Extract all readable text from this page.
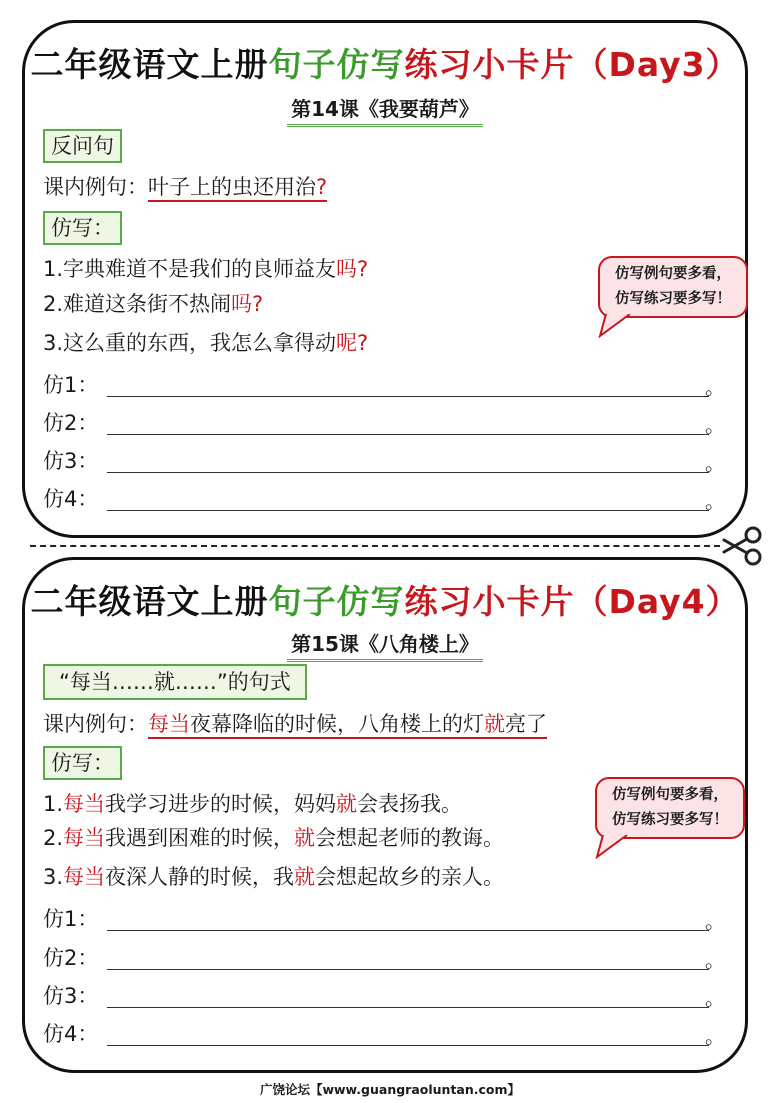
二年级语文上册句子仿写练习小卡片（Day3）
第14课《我要葫芦》
反问句
课内例句：叶子上的虫还用治?
仿写：
1.字典难道不是我们的良师益友吗?
2.难道这条街不热闹吗?
3.这么重的东西，我怎么拿得动呢?
仿写例句要多看，
仿写练习要多写！
仿1：	。
仿2：	。
仿3：	。
仿4：	。
二年级语文上册句子仿写练习小卡片（Day4）
第15课《八角楼上》
“每当……就……”的句式
课内例句：每当夜幕降临的时候，八角楼上的灯就亮了
仿写：
1.每当我学习进步的时候，妈妈就会表扬我。
2.每当我遇到困难的时候，就会想起老师的教诲。
3.每当夜深人静的时候，我就会想起故乡的亲人。
仿写例句要多看，
仿写练习要多写！
仿1：	。
仿2：	。
仿3：	。
仿4：	。
广饶论坛【www.guangraoluntan.com】
